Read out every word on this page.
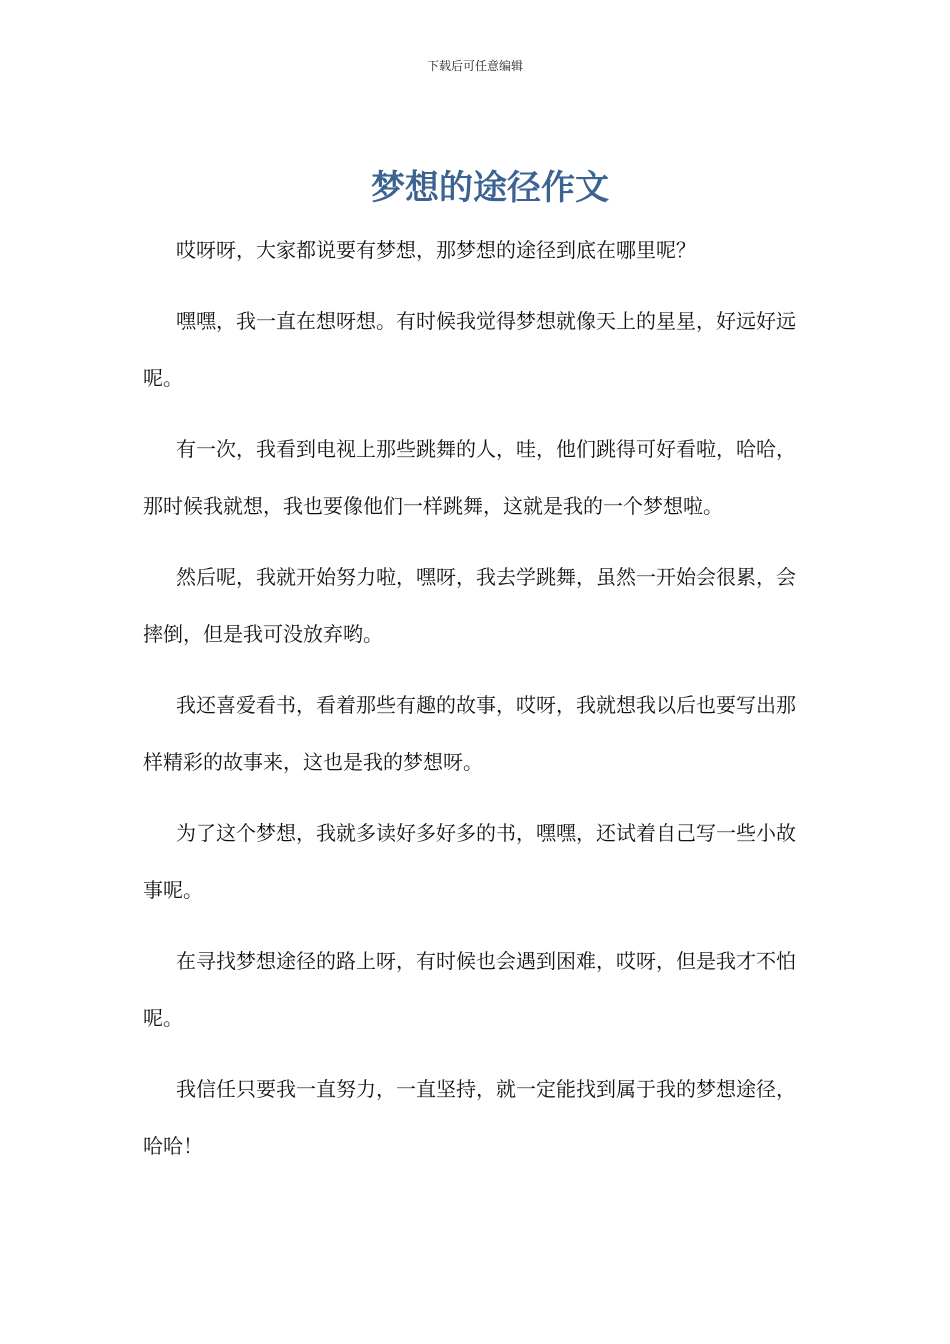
下载后可任意编辑
梦想的途径作文

哎呀呀，大家都说要有梦想，那梦想的途径到底在哪里呢？

嘿嘿，我一直在想呀想。有时候我觉得梦想就像天上的星星，好远好远呢。

有一次，我看到电视上那些跳舞的人，哇，他们跳得可好看啦，哈哈，那时候我就想，我也要像他们一样跳舞，这就是我的一个梦想啦。

然后呢，我就开始努力啦，嘿呀，我去学跳舞，虽然一开始会很累，会摔倒，但是我可没放弃哟。

我还喜爱看书，看着那些有趣的故事，哎呀，我就想我以后也要写出那样精彩的故事来，这也是我的梦想呀。

为了这个梦想，我就多读好多好多的书，嘿嘿，还试着自己写一些小故事呢。

在寻找梦想途径的路上呀，有时候也会遇到困难，哎呀，但是我才不怕呢。

我信任只要我一直努力，一直坚持，就一定能找到属于我的梦想途径，哈哈！
